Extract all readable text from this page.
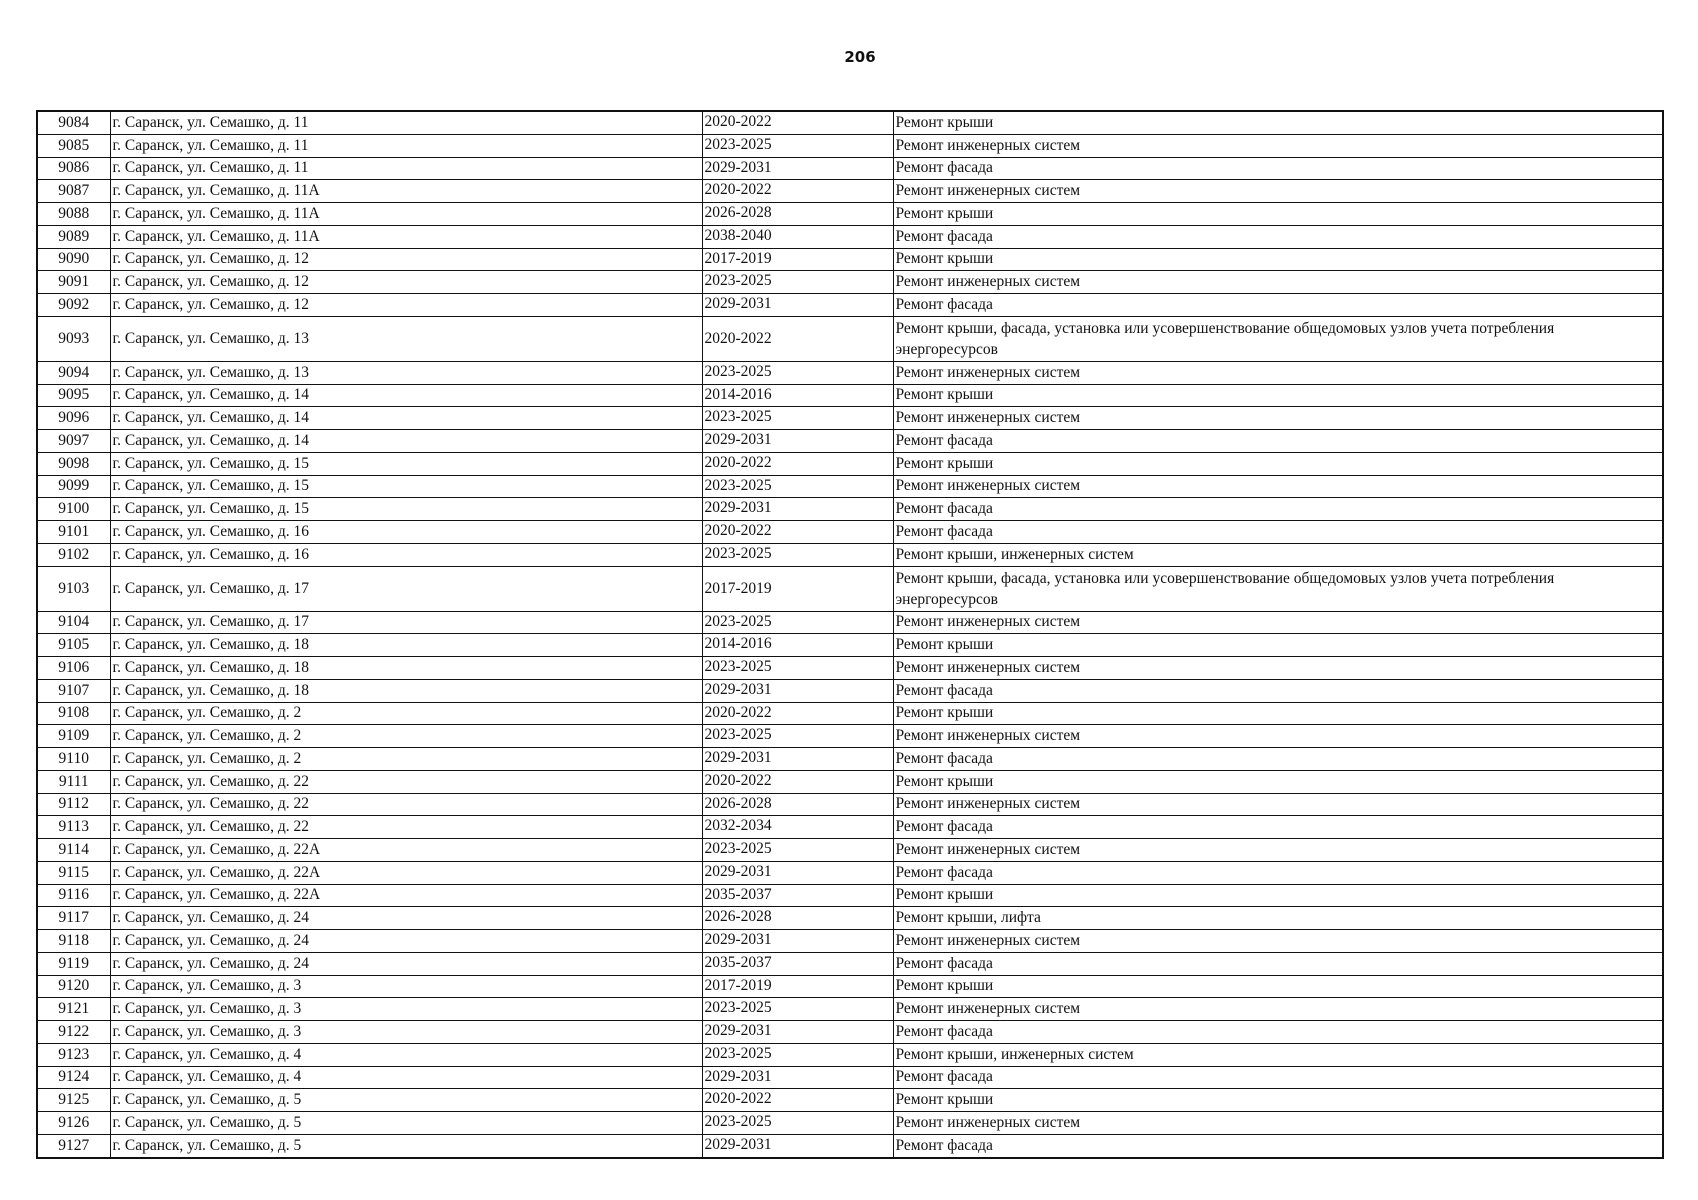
206
9084	г. Саранск, ул. Семашко, д. 11	2020-2022	Ремонт крыши
9085	г. Саранск, ул. Семашко, д. 11	2023-2025	Ремонт инженерных систем
9086	г. Саранск, ул. Семашко, д. 11	2029-2031	Ремонт фасада
9087	г. Саранск, ул. Семашко, д. 11А	2020-2022	Ремонт инженерных систем
9088	г. Саранск, ул. Семашко, д. 11А	2026-2028	Ремонт крыши
9089	г. Саранск, ул. Семашко, д. 11А	2038-2040	Ремонт фасада
9090	г. Саранск, ул. Семашко, д. 12	2017-2019	Ремонт крыши
9091	г. Саранск, ул. Семашко, д. 12	2023-2025	Ремонт инженерных систем
9092	г. Саранск, ул. Семашко, д. 12	2029-2031	Ремонт фасада
9093	г. Саранск, ул. Семашко, д. 13	2020-2022	Ремонт крыши, фасада, установка или усовершенствование общедомовых узлов учета потребления энергоресурсов
9094	г. Саранск, ул. Семашко, д. 13	2023-2025	Ремонт инженерных систем
9095	г. Саранск, ул. Семашко, д. 14	2014-2016	Ремонт крыши
9096	г. Саранск, ул. Семашко, д. 14	2023-2025	Ремонт инженерных систем
9097	г. Саранск, ул. Семашко, д. 14	2029-2031	Ремонт фасада
9098	г. Саранск, ул. Семашко, д. 15	2020-2022	Ремонт крыши
9099	г. Саранск, ул. Семашко, д. 15	2023-2025	Ремонт инженерных систем
9100	г. Саранск, ул. Семашко, д. 15	2029-2031	Ремонт фасада
9101	г. Саранск, ул. Семашко, д. 16	2020-2022	Ремонт фасада
9102	г. Саранск, ул. Семашко, д. 16	2023-2025	Ремонт крыши, инженерных систем
9103	г. Саранск, ул. Семашко, д. 17	2017-2019	Ремонт крыши, фасада, установка или усовершенствование общедомовых узлов учета потребления энергоресурсов
9104	г. Саранск, ул. Семашко, д. 17	2023-2025	Ремонт инженерных систем
9105	г. Саранск, ул. Семашко, д. 18	2014-2016	Ремонт крыши
9106	г. Саранск, ул. Семашко, д. 18	2023-2025	Ремонт инженерных систем
9107	г. Саранск, ул. Семашко, д. 18	2029-2031	Ремонт фасада
9108	г. Саранск, ул. Семашко, д. 2	2020-2022	Ремонт крыши
9109	г. Саранск, ул. Семашко, д. 2	2023-2025	Ремонт инженерных систем
9110	г. Саранск, ул. Семашко, д. 2	2029-2031	Ремонт фасада
9111	г. Саранск, ул. Семашко, д. 22	2020-2022	Ремонт крыши
9112	г. Саранск, ул. Семашко, д. 22	2026-2028	Ремонт инженерных систем
9113	г. Саранск, ул. Семашко, д. 22	2032-2034	Ремонт фасада
9114	г. Саранск, ул. Семашко, д. 22А	2023-2025	Ремонт инженерных систем
9115	г. Саранск, ул. Семашко, д. 22А	2029-2031	Ремонт фасада
9116	г. Саранск, ул. Семашко, д. 22А	2035-2037	Ремонт крыши
9117	г. Саранск, ул. Семашко, д. 24	2026-2028	Ремонт крыши, лифта
9118	г. Саранск, ул. Семашко, д. 24	2029-2031	Ремонт инженерных систем
9119	г. Саранск, ул. Семашко, д. 24	2035-2037	Ремонт фасада
9120	г. Саранск, ул. Семашко, д. 3	2017-2019	Ремонт крыши
9121	г. Саранск, ул. Семашко, д. 3	2023-2025	Ремонт инженерных систем
9122	г. Саранск, ул. Семашко, д. 3	2029-2031	Ремонт фасада
9123	г. Саранск, ул. Семашко, д. 4	2023-2025	Ремонт крыши, инженерных систем
9124	г. Саранск, ул. Семашко, д. 4	2029-2031	Ремонт фасада
9125	г. Саранск, ул. Семашко, д. 5	2020-2022	Ремонт крыши
9126	г. Саранск, ул. Семашко, д. 5	2023-2025	Ремонт инженерных систем
9127	г. Саранск, ул. Семашко, д. 5	2029-2031	Ремонт фасада
